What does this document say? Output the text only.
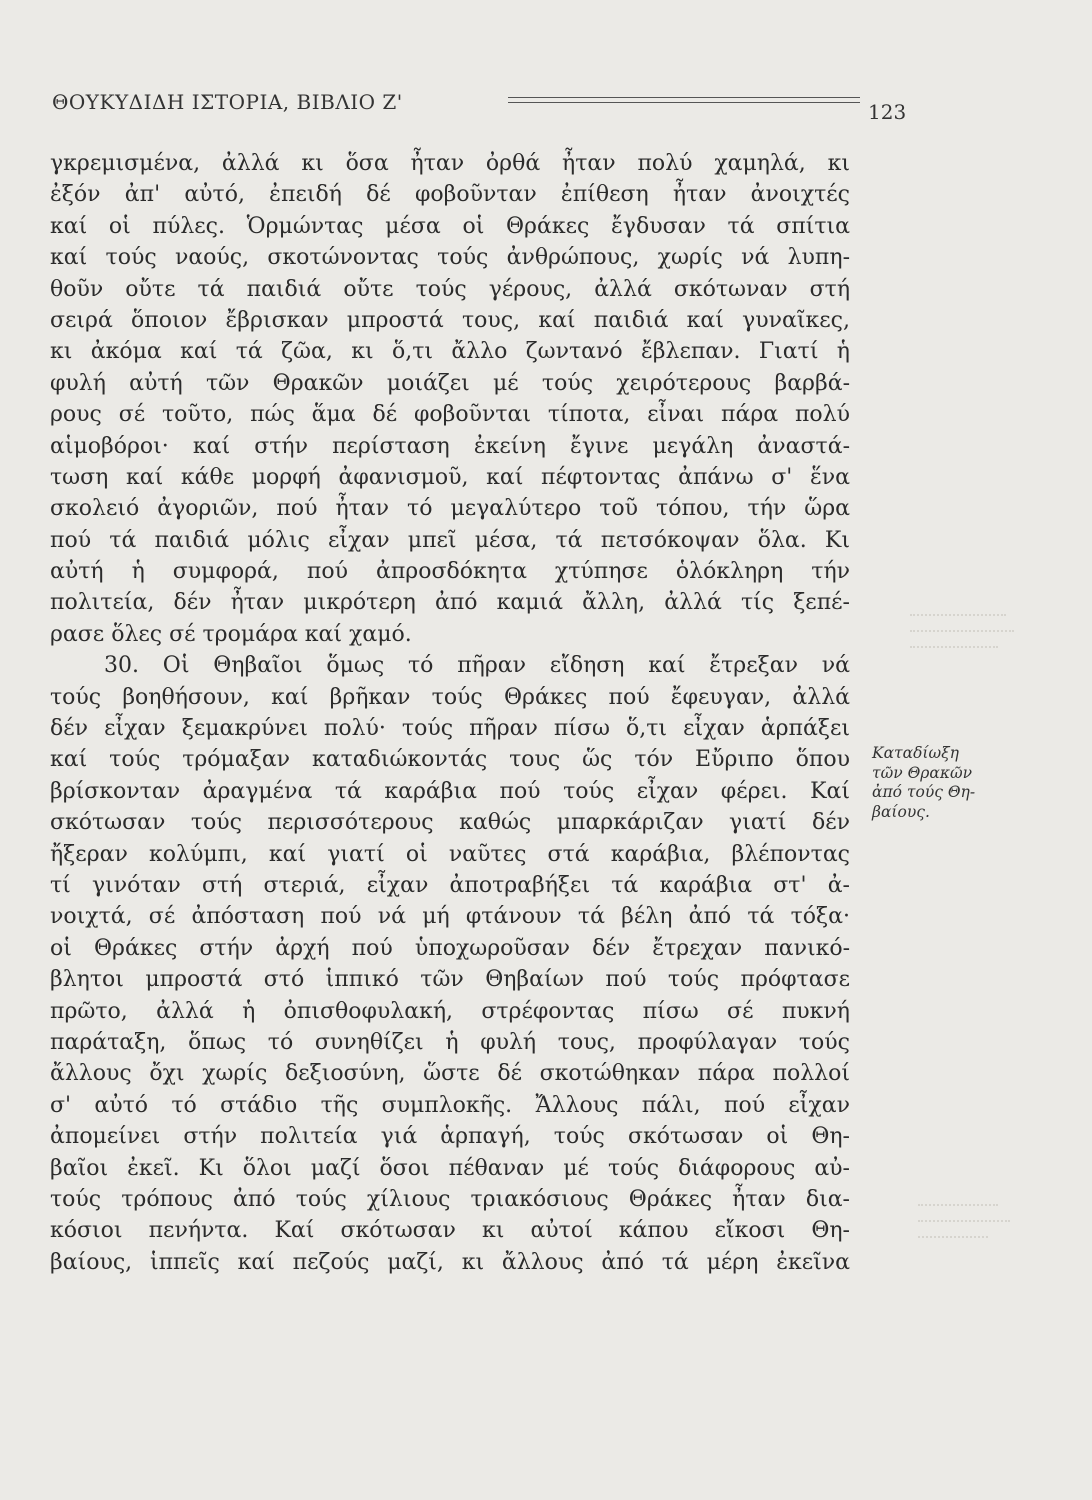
ΘΟΥΚΥΔΙΔΗ ΙΣΤΟΡΙΑ, ΒΙΒΛΙΟ Ζ'	123
γκρεμισμένα, ἀλλά κι ὅσα ἦταν ὀρθά ἦταν πολύ χαμηλά, κι
ἐξόν ἀπ' αὐτό, ἐπειδή δέ φοβοῦνταν ἐπίθεση ἦταν ἀνοιχτές
καί οἱ πύλες. Ὁρμώντας μέσα οἱ Θράκες ἔγδυσαν τά σπίτια
καί τούς ναούς, σκοτώνοντας τούς ἀνθρώπους, χωρίς νά λυπη-
θοῦν οὔτε τά παιδιά οὔτε τούς γέρους, ἀλλά σκότωναν στή
σειρά ὅποιον ἔβρισκαν μπροστά τους, καί παιδιά καί γυναῖκες,
κι ἀκόμα καί τά ζῶα, κι ὅ,τι ἄλλο ζωντανό ἔβλεπαν. Γιατί ἡ
φυλή αὐτή τῶν Θρακῶν μοιάζει μέ τούς χειρότερους βαρβά-
ρους σέ τοῦτο, πώς ἅμα δέ φοβοῦνται τίποτα, εἶναι πάρα πολύ
αἱμοβόροι· καί στήν περίσταση ἐκείνη ἔγινε μεγάλη ἀναστά-
τωση καί κάθε μορφή ἀφανισμοῦ, καί πέφτοντας ἀπάνω σ' ἕνα
σκολειό ἀγοριῶν, πού ἦταν τό μεγαλύτερο τοῦ τόπου, τήν ὥρα
πού τά παιδιά μόλις εἶχαν μπεῖ μέσα, τά πετσόκοψαν ὅλα. Κι
αὐτή ἡ συμφορά, πού ἀπροσδόκητα χτύπησε ὁλόκληρη τήν
πολιτεία, δέν ἦταν μικρότερη ἀπό καμιά ἄλλη, ἀλλά τίς ξεπέ-
ρασε ὅλες σέ τρομάρα καί χαμό.
30. Οἱ Θηβαῖοι ὅμως τό πῆραν εἴδηση καί ἔτρεξαν νά
τούς βοηθήσουν, καί βρῆκαν τούς Θράκες πού ἔφευγαν, ἀλλά
δέν εἶχαν ξεμακρύνει πολύ· τούς πῆραν πίσω ὅ,τι εἶχαν ἁρπάξει
καί τούς τρόμαξαν καταδιώκοντάς τους ὥς τόν Εὔριπο ὅπου
βρίσκονταν ἀραγμένα τά καράβια πού τούς εἶχαν φέρει. Καί
σκότωσαν τούς περισσότερους καθώς μπαρκάριζαν γιατί δέν
ἤξεραν κολύμπι, καί γιατί οἱ ναῦτες στά καράβια, βλέποντας
τί γινόταν στή στεριά, εἶχαν ἀποτραβήξει τά καράβια στ' ἀ-
νοιχτά, σέ ἀπόσταση πού νά μή φτάνουν τά βέλη ἀπό τά τόξα·
οἱ Θράκες στήν ἀρχή πού ὑποχωροῦσαν δέν ἔτρεχαν πανικό-
βλητοι μπροστά στό ἱππικό τῶν Θηβαίων πού τούς πρόφτασε
πρῶτο, ἀλλά ἡ ὀπισθοφυλακή, στρέφοντας πίσω σέ πυκνή
παράταξη, ὅπως τό συνηθίζει ἡ φυλή τους, προφύλαγαν τούς
ἄλλους ὄχι χωρίς δεξιοσύνη, ὥστε δέ σκοτώθηκαν πάρα πολλοί
σ' αὐτό τό στάδιο τῆς συμπλοκῆς. Ἄλλους πάλι, πού εἶχαν
ἀπομείνει στήν πολιτεία γιά ἁρπαγή, τούς σκότωσαν οἱ Θη-
βαῖοι ἐκεῖ. Κι ὅλοι μαζί ὅσοι πέθαναν μέ τούς διάφορους αὐ-
τούς τρόπους ἀπό τούς χίλιους τριακόσιους Θράκες ἦταν δια-
κόσιοι πενήντα. Καί σκότωσαν κι αὐτοί κάπου εἴκοσι Θη-
βαίους, ἱππεῖς καί πεζούς μαζί, κι ἄλλους ἀπό τά μέρη ἐκεῖνα
Καταδίωξη
τῶν Θρακῶν
ἀπό τούς Θη-
βαίους.
